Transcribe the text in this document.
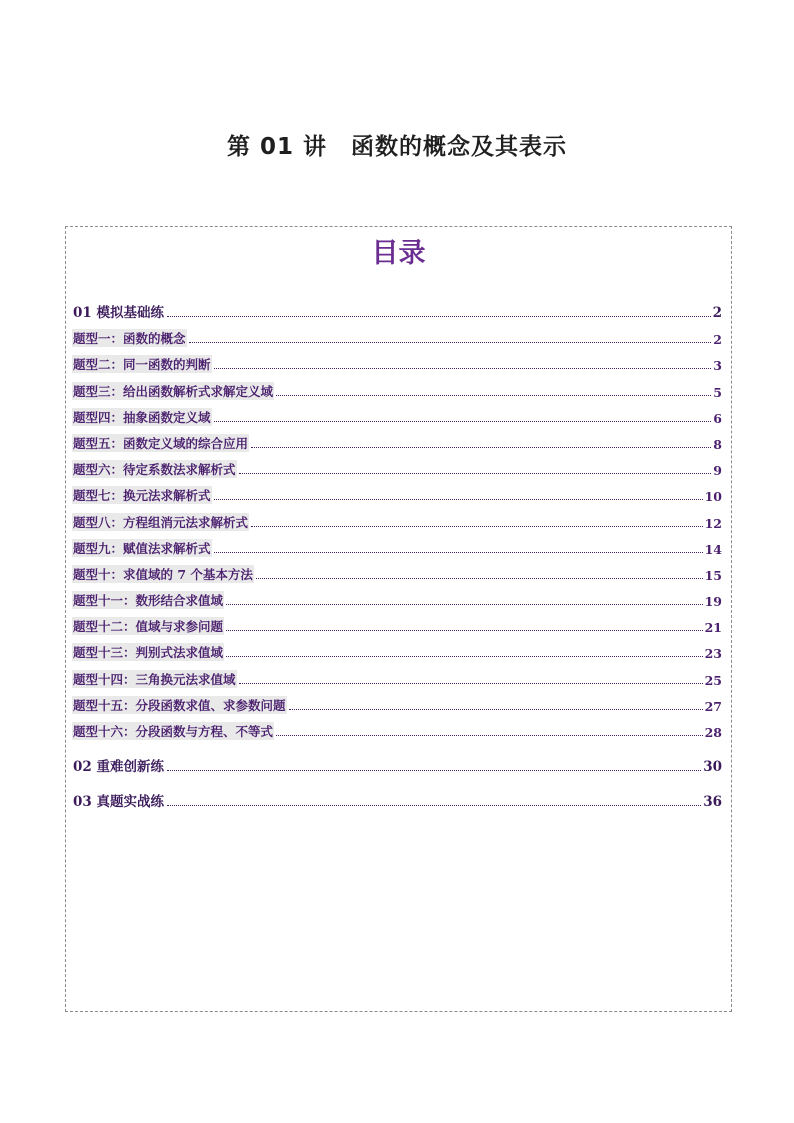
第 01 讲　函数的概念及其表示
目录
01 模拟基础练	2
题型一：函数的概念	2
题型二：同一函数的判断	3
题型三：给出函数解析式求解定义域	5
题型四：抽象函数定义域	6
题型五：函数定义域的综合应用	8
题型六：待定系数法求解析式	9
题型七：换元法求解析式	10
题型八：方程组消元法求解析式	12
题型九：赋值法求解析式	14
题型十：求值域的 7 个基本方法	15
题型十一：数形结合求值域	19
题型十二：值域与求参问题	21
题型十三：判别式法求值域	23
题型十四：三角换元法求值域	25
题型十五：分段函数求值、求参数问题	27
题型十六：分段函数与方程、不等式	28
02 重难创新练	30
03 真题实战练	36
